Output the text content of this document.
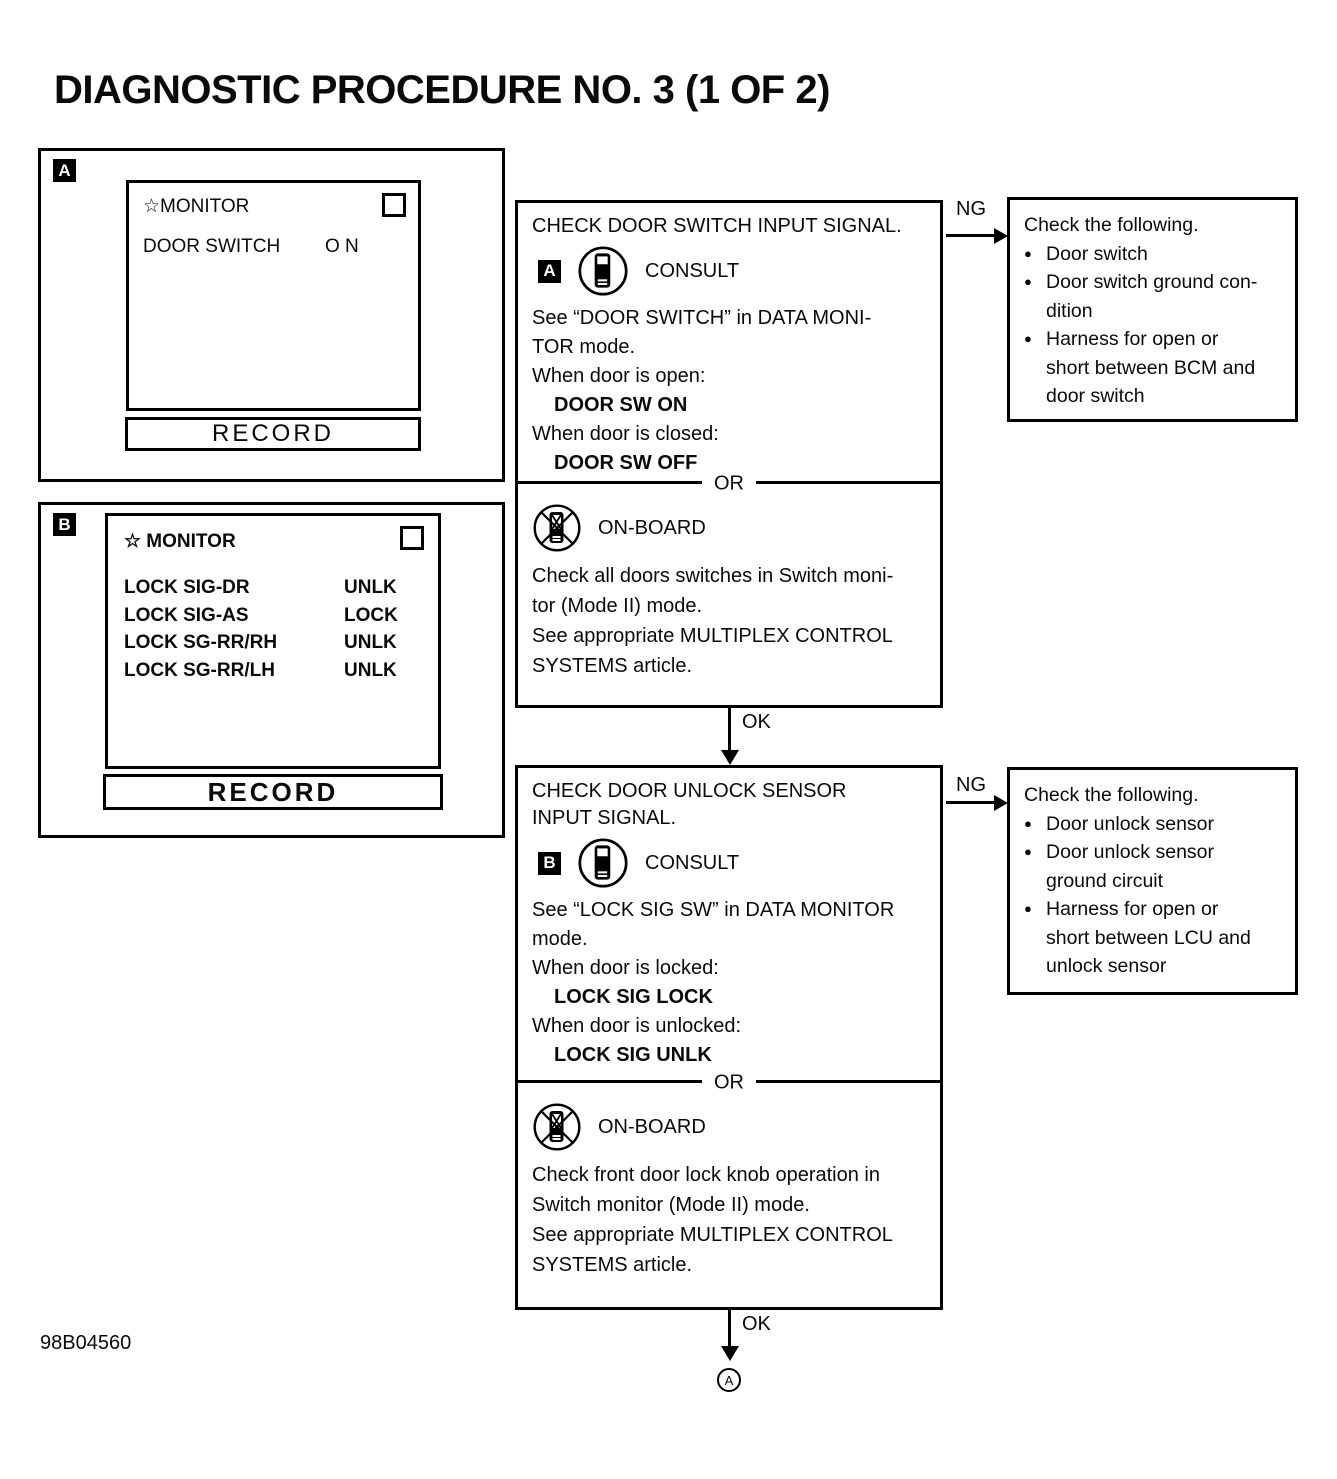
DIAGNOSTIC PROCEDURE NO. 3 (1 OF 2)
A
☆MONITOR
DOOR SWITCH	O N
RECORD
B
☆ MONITOR
LOCK SIG-DR	UNLK
LOCK SIG-AS	LOCK
LOCK SG-RR/RH	UNLK
LOCK SG-RR/LH	UNLK
RECORD
CHECK DOOR SWITCH INPUT SIGNAL.
A	CONSULT
See “DOOR SWITCH” in DATA MONI-
TOR mode.
When door is open:
DOOR SW ON
When door is closed:
DOOR SW OFF
OR
ON-BOARD
Check all doors switches in Switch moni-
tor (Mode II) mode.
See appropriate MULTIPLEX CONTROL
SYSTEMS article.
NG
Check the following.
● Door switch
● Door switch ground con-
dition
● Harness for open or
short between BCM and
door switch
OK
CHECK DOOR UNLOCK SENSOR
INPUT SIGNAL.
B	CONSULT
See “LOCK SIG SW” in DATA MONITOR
mode.
When door is locked:
LOCK SIG LOCK
When door is unlocked:
LOCK SIG UNLK
OR
ON-BOARD
Check front door lock knob operation in
Switch monitor (Mode II) mode.
See appropriate MULTIPLEX CONTROL
SYSTEMS article.
NG Check the following.
● Door unlock sensor
● Door unlock sensor
ground circuit
● Harness for open or
short between LCU and
unlock sensor
OK
A
98B04560
